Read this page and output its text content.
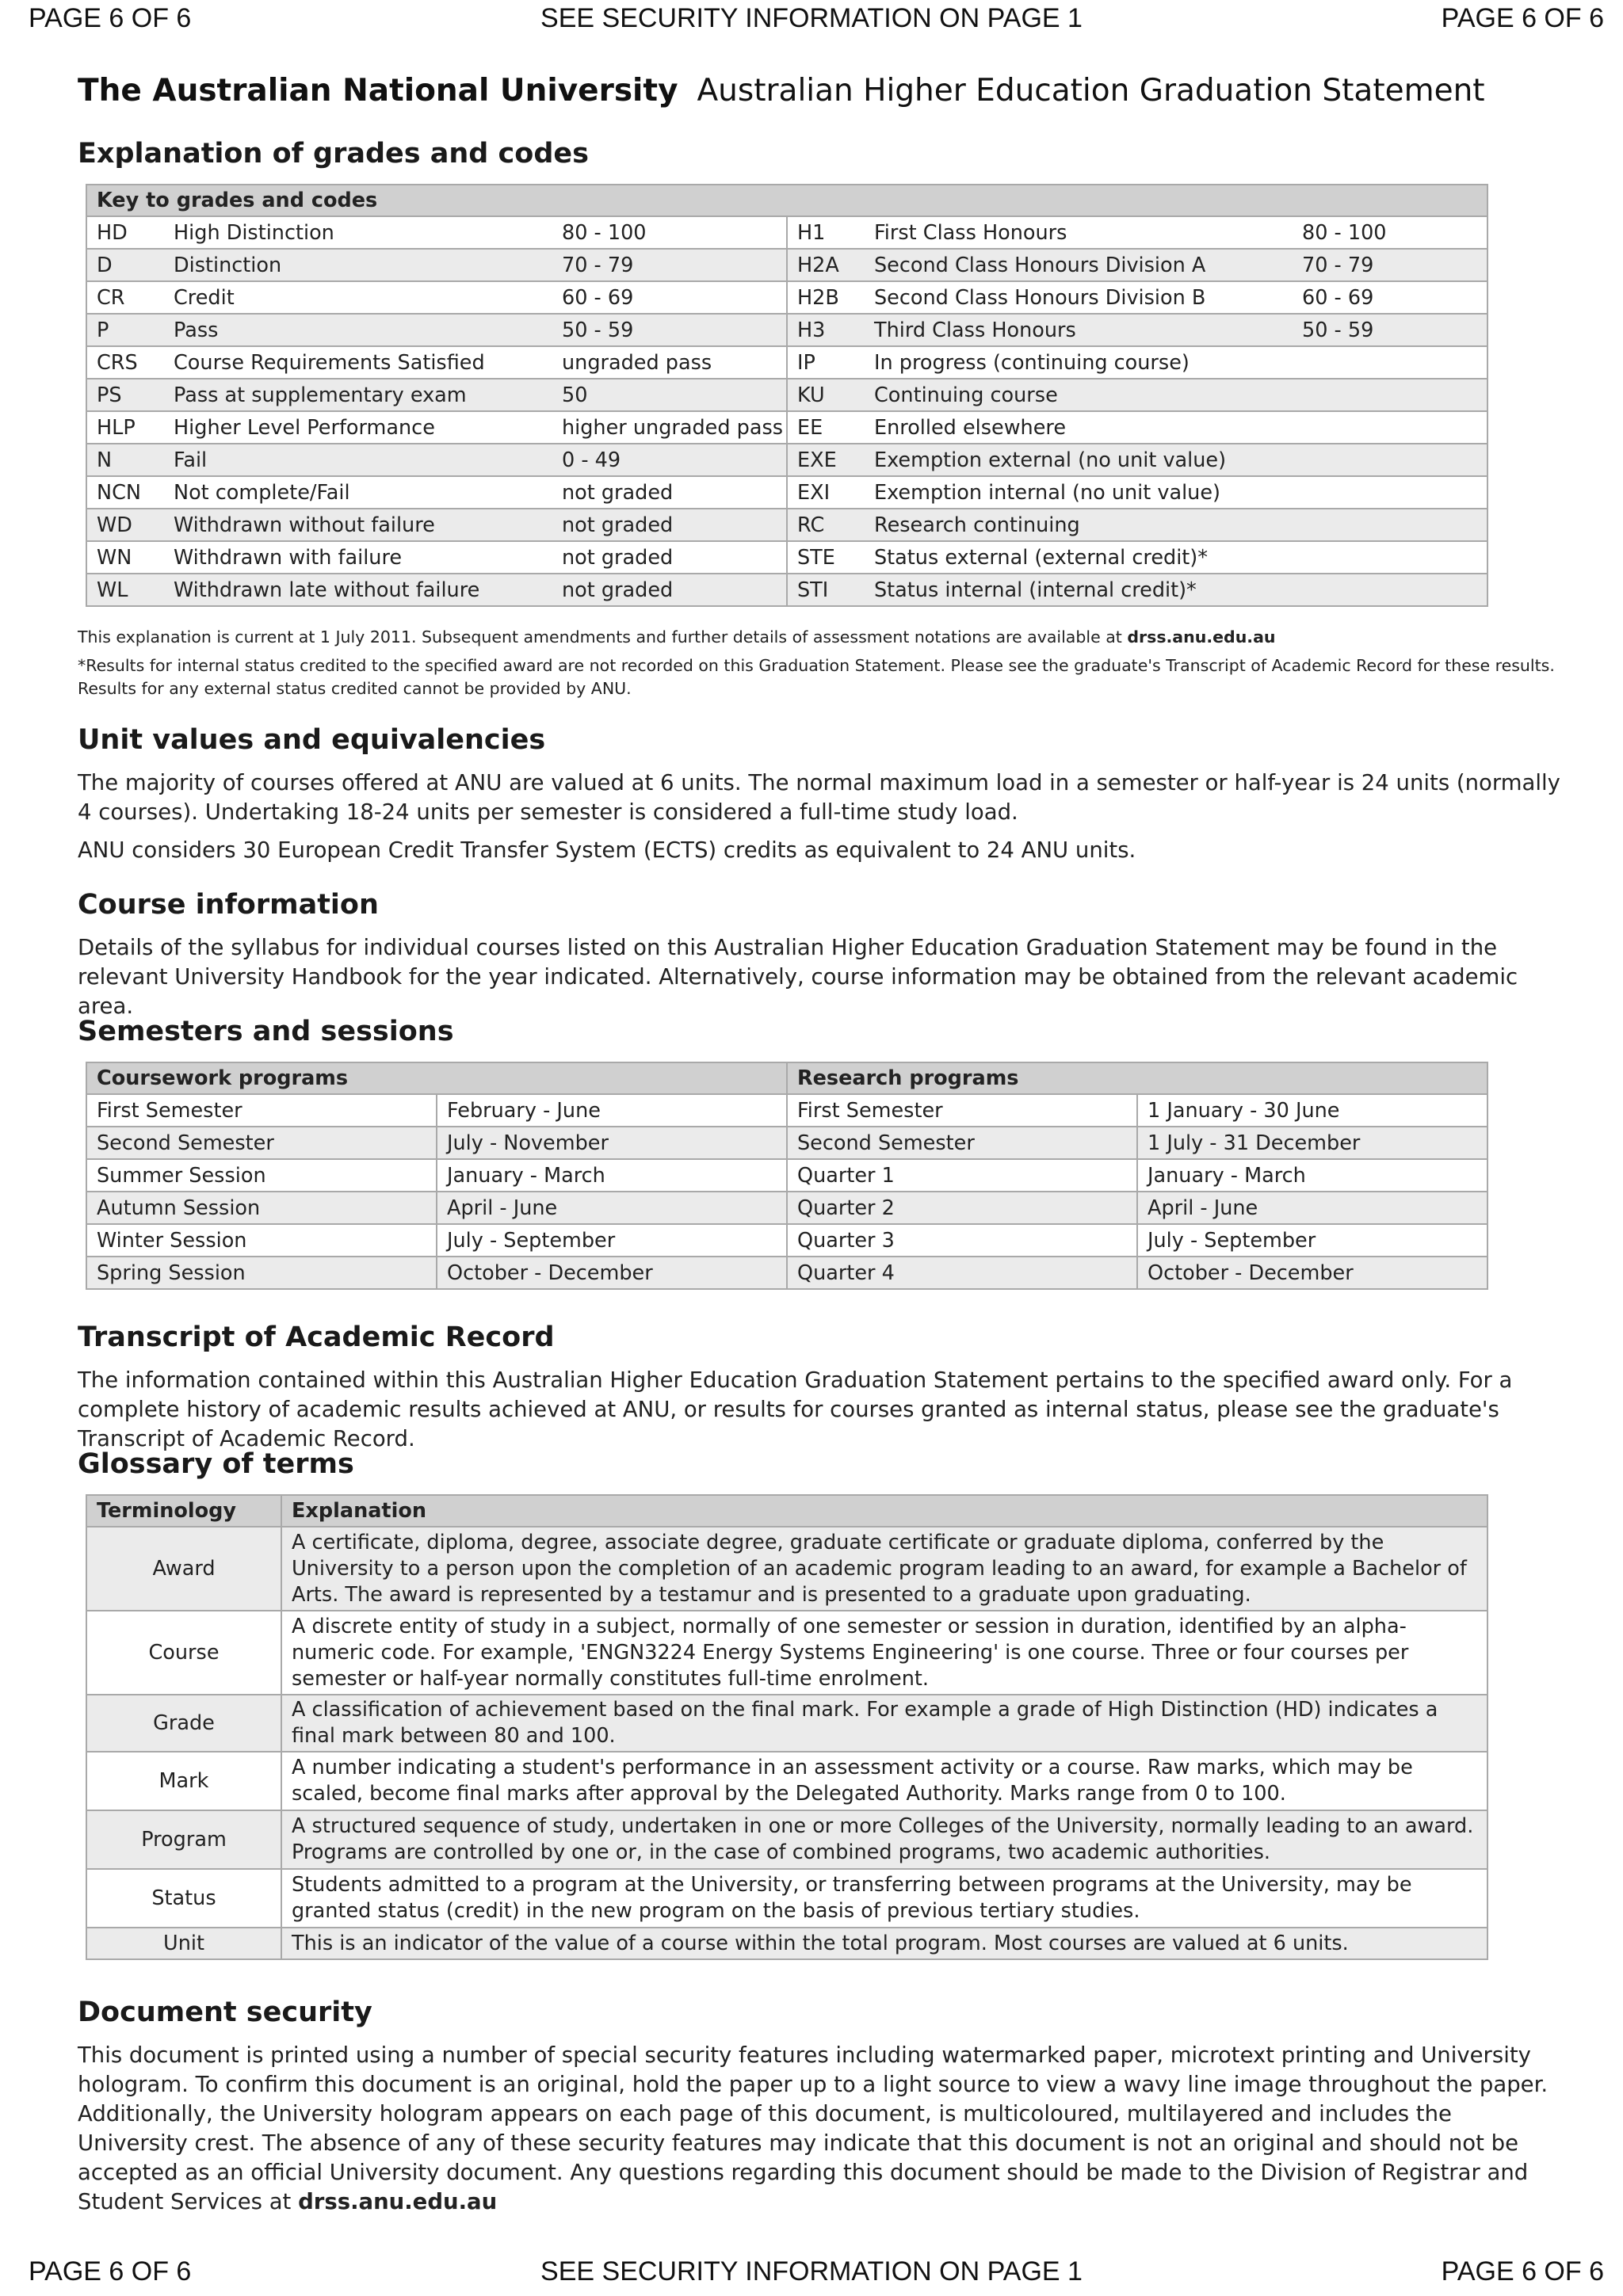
PAGE 6 OF 6	SEE SECURITY INFORMATION ON PAGE 1	PAGE 6 OF 6
The Australian National University Australian Higher Education Graduation Statement
Explanation of grades and codes
Key to grades and codes					
HD	High Distinction	80 - 100	H1	First Class Honours	80 - 100
D	Distinction	70 - 79	H2A	Second Class Honours Division A	70 - 79
CR	Credit	60 - 69	H2B	Second Class Honours Division B	60 - 69
P	Pass	50 - 59	H3	Third Class Honours	50 - 59
CRS	Course Requirements Satisfied	ungraded pass	IP	In progress (continuing course)	
PS	Pass at supplementary exam	50	KU	Continuing course	
HLP	Higher Level Performance	higher ungraded pass	EE	Enrolled elsewhere	
N	Fail	0 - 49	EXE	Exemption external (no unit value)	
NCN	Not complete/Fail	not graded	EXI	Exemption internal (no unit value)	
WD	Withdrawn without failure	not graded	RC	Research continuing	
WN	Withdrawn with failure	not graded	STE	Status external (external credit)*	
WL	Withdrawn late without failure	not graded	STI	Status internal (internal credit)*	
This explanation is current at 1 July 2011. Subsequent amendments and further details of assessment notations are available at drss.anu.edu.au
*Results for internal status credited to the specified award are not recorded on this Graduation Statement. Please see the graduate's Transcript of Academic Record for these results. Results for any external status credited cannot be provided by ANU.
Unit values and equivalencies
The majority of courses offered at ANU are valued at 6 units. The normal maximum load in a semester or half-year is 24 units (normally 4 courses). Undertaking 18-24 units per semester is considered a full-time study load.
ANU considers 30 European Credit Transfer System (ECTS) credits as equivalent to 24 ANU units.
Course information
Details of the syllabus for individual courses listed on this Australian Higher Education Graduation Statement may be found in the relevant University Handbook for the year indicated. Alternatively, course information may be obtained from the relevant academic area.
Semesters and sessions
Coursework programs		Research programs	
First Semester	February - June	First Semester	1 January - 30 June
Second Semester	July - November	Second Semester	1 July - 31 December
Summer Session	January - March	Quarter 1	January - March
Autumn Session	April - June	Quarter 2	April - June
Winter Session	July - September	Quarter 3	July - September
Spring Session	October - December	Quarter 4	October - December
Transcript of Academic Record
The information contained within this Australian Higher Education Graduation Statement pertains to the specified award only. For a complete history of academic results achieved at ANU, or results for courses granted as internal status, please see the graduate's Transcript of Academic Record.
Glossary of terms
Terminology	Explanation
Award	A certificate, diploma, degree, associate degree, graduate certificate or graduate diploma, conferred by the University to a person upon the completion of an academic program leading to an award, for example a Bachelor of Arts. The award is represented by a testamur and is presented to a graduate upon graduating.
Course	A discrete entity of study in a subject, normally of one semester or session in duration, identified by an alpha-numeric code. For example, 'ENGN3224 Energy Systems Engineering' is one course. Three or four courses per semester or half-year normally constitutes full-time enrolment.
Grade	A classification of achievement based on the final mark. For example a grade of High Distinction (HD) indicates a final mark between 80 and 100.
Mark	A number indicating a student's performance in an assessment activity or a course. Raw marks, which may be scaled, become final marks after approval by the Delegated Authority. Marks range from 0 to 100.
Program	A structured sequence of study, undertaken in one or more Colleges of the University, normally leading to an award. Programs are controlled by one or, in the case of combined programs, two academic authorities.
Status	Students admitted to a program at the University, or transferring between programs at the University, may be granted status (credit) in the new program on the basis of previous tertiary studies.
Unit	This is an indicator of the value of a course within the total program. Most courses are valued at 6 units.
Document security
This document is printed using a number of special security features including watermarked paper, microtext printing and University hologram. To confirm this document is an original, hold the paper up to a light source to view a wavy line image throughout the paper. Additionally, the University hologram appears on each page of this document, is multicoloured, multilayered and includes the University crest. The absence of any of these security features may indicate that this document is not an original and should not be accepted as an official University document. Any questions regarding this document should be made to the Division of Registrar and Student Services at drss.anu.edu.au
PAGE 6 OF 6	SEE SECURITY INFORMATION ON PAGE 1	PAGE 6 OF 6
